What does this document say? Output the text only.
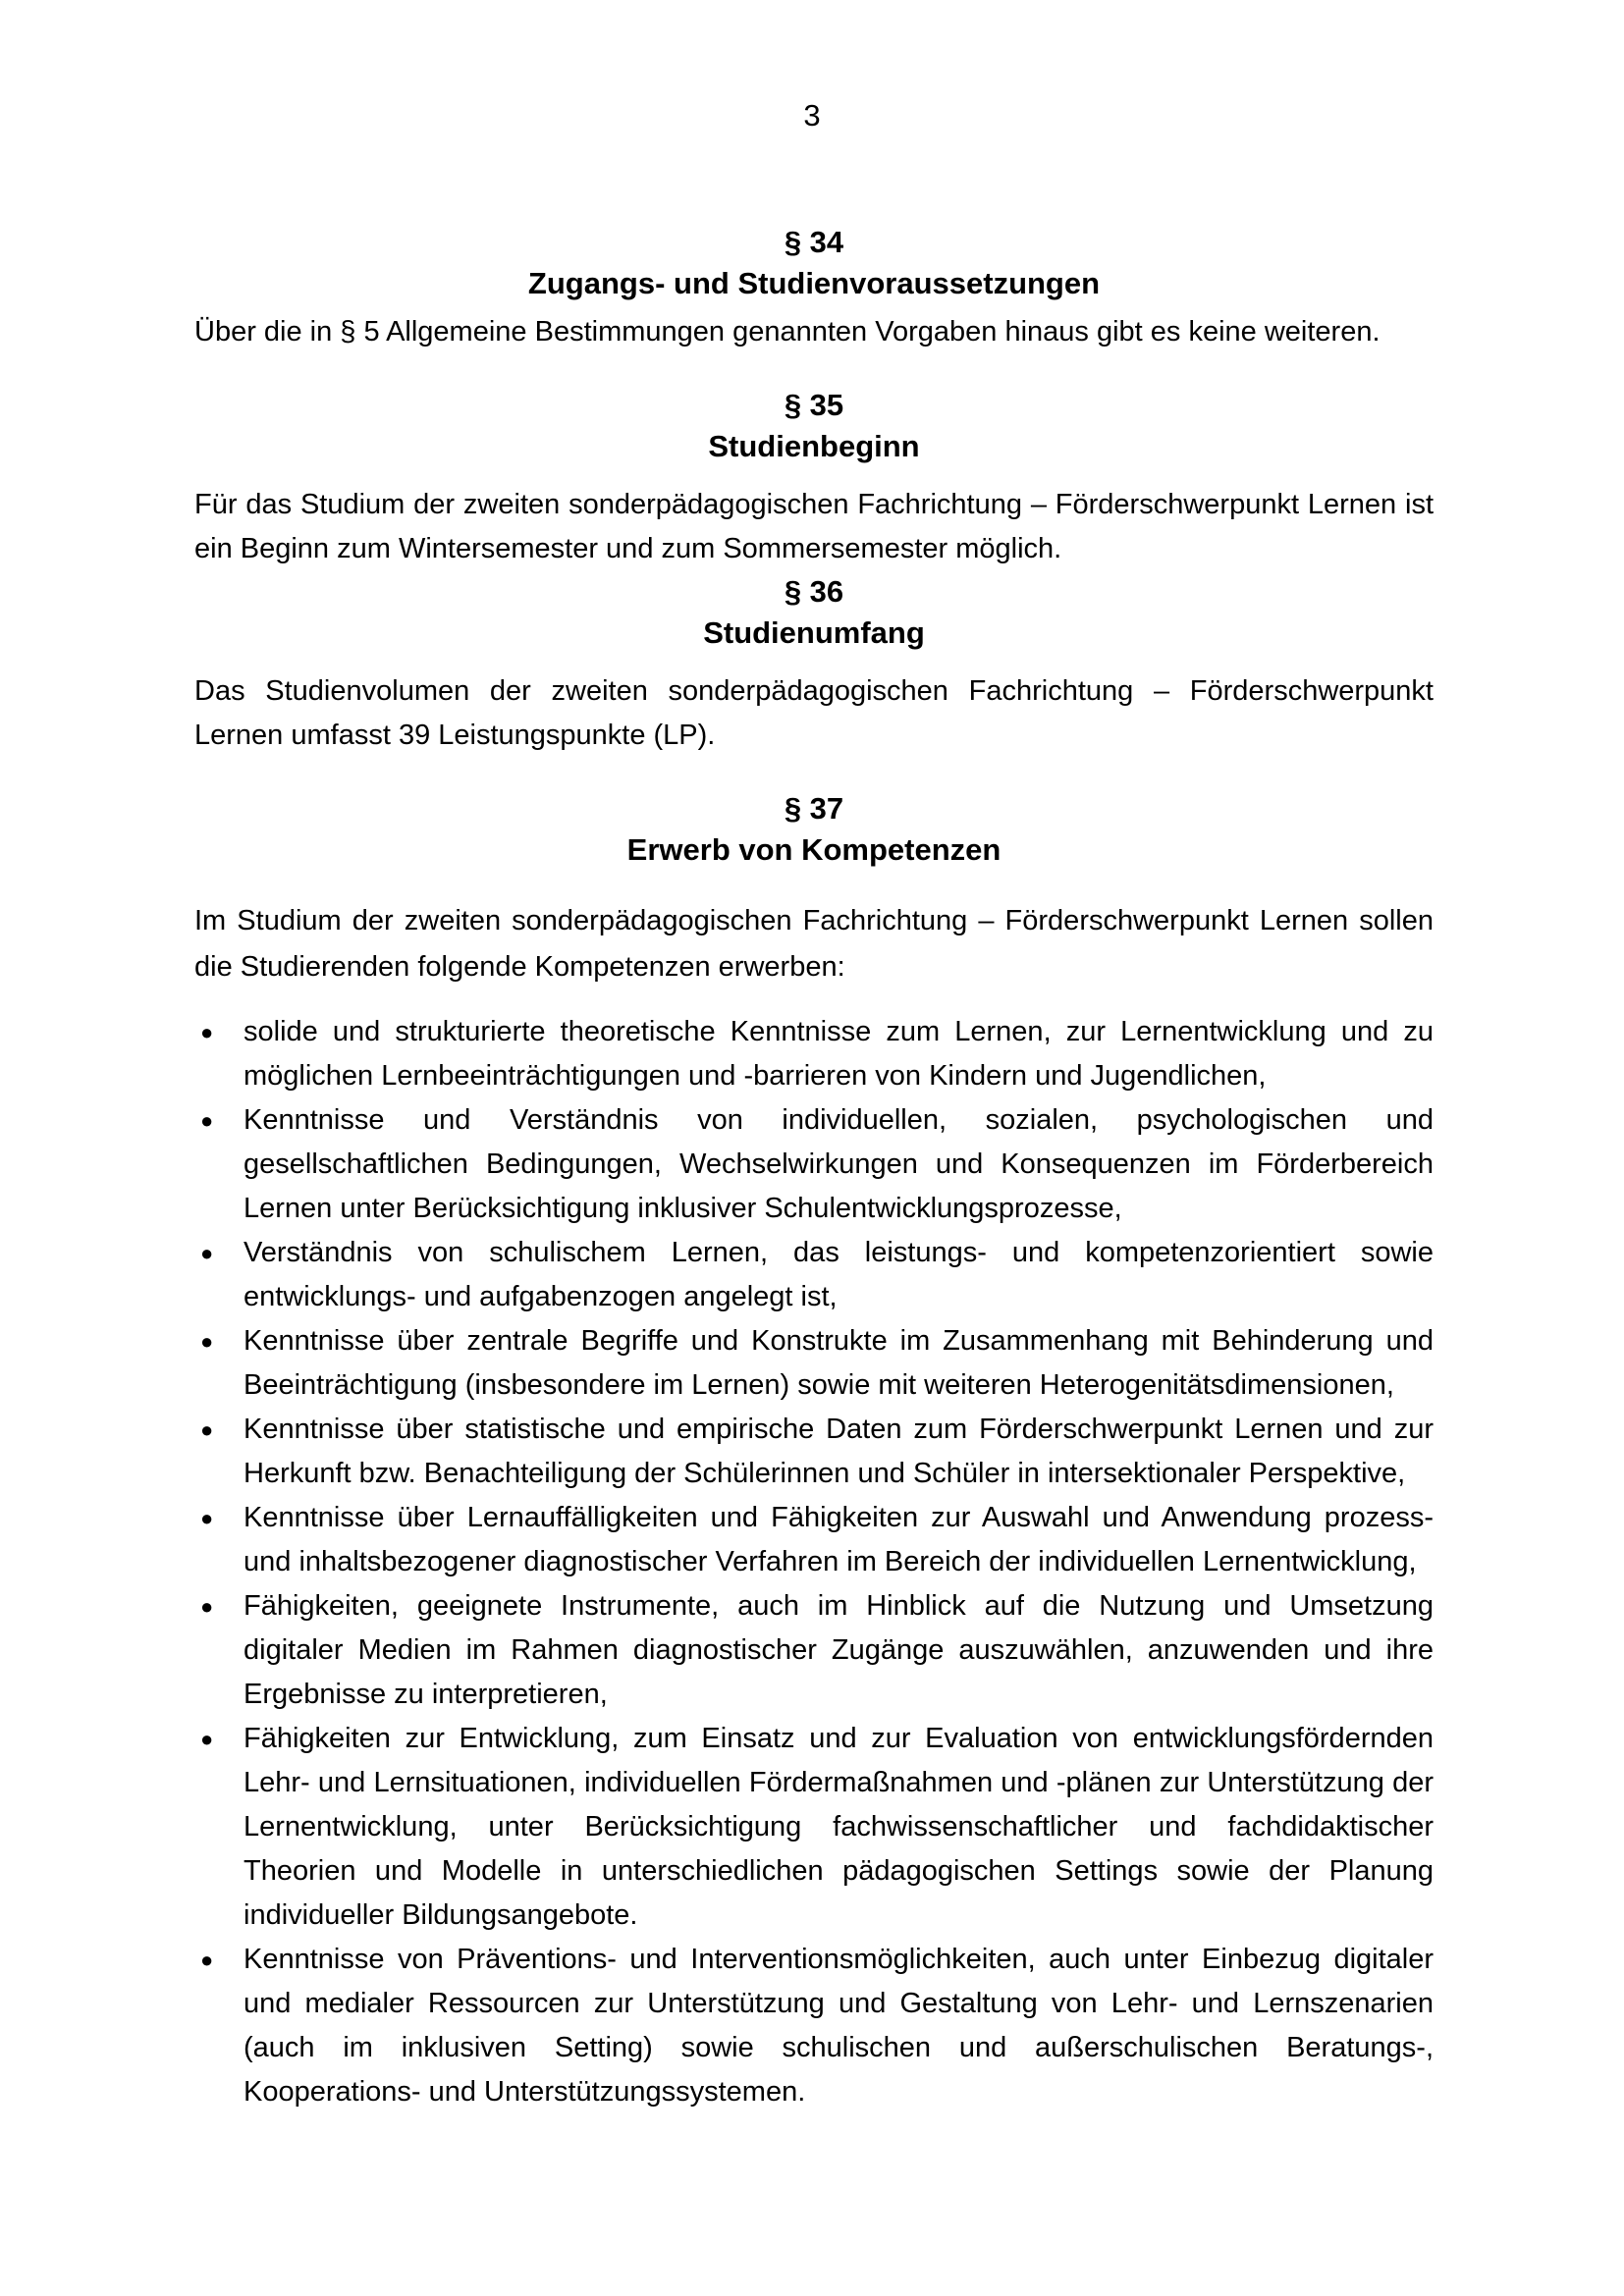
3
§ 34
Zugangs- und Studienvoraussetzungen
Über die in § 5 Allgemeine Bestimmungen genannten Vorgaben hinaus gibt es keine weiteren.
§ 35
Studienbeginn
Für das Studium der zweiten sonderpädagogischen Fachrichtung – Förderschwerpunkt Lernen ist ein Beginn zum Wintersemester und zum Sommersemester möglich.
§ 36
Studienumfang
Das Studienvolumen der zweiten sonderpädagogischen Fachrichtung – Förderschwerpunkt Lernen umfasst 39 Leistungspunkte (LP).
§ 37
Erwerb von Kompetenzen
Im Studium der zweiten sonderpädagogischen Fachrichtung – Förderschwerpunkt Lernen sollen die Studierenden folgende Kompetenzen erwerben:
● solide und strukturierte theoretische Kenntnisse zum Lernen, zur Lernentwicklung und zu möglichen Lernbeeinträchtigungen und -barrieren von Kindern und Jugendlichen,
● Kenntnisse und Verständnis von individuellen, sozialen, psychologischen und gesellschaftlichen Bedingungen, Wechselwirkungen und Konsequenzen im Förderbereich Lernen unter Berücksichtigung inklusiver Schulentwicklungsprozesse,
● Verständnis von schulischem Lernen, das leistungs- und kompetenzorientiert sowie entwicklungs- und aufgabenzogen angelegt ist,
● Kenntnisse über zentrale Begriffe und Konstrukte im Zusammenhang mit Behinderung und Beeinträchtigung (insbesondere im Lernen) sowie mit weiteren Heterogenitätsdimensionen,
● Kenntnisse über statistische und empirische Daten zum Förderschwerpunkt Lernen und zur Herkunft bzw. Benachteiligung der Schülerinnen und Schüler in intersektionaler Perspektive,
● Kenntnisse über Lernauffälligkeiten und Fähigkeiten zur Auswahl und Anwendung prozess- und inhaltsbezogener diagnostischer Verfahren im Bereich der individuellen Lernentwicklung,
● Fähigkeiten, geeignete Instrumente, auch im Hinblick auf die Nutzung und Umsetzung digitaler Medien im Rahmen diagnostischer Zugänge auszuwählen, anzuwenden und ihre Ergebnisse zu interpretieren,
● Fähigkeiten zur Entwicklung, zum Einsatz und zur Evaluation von entwicklungsfördernden Lehr- und Lernsituationen, individuellen Fördermaßnahmen und -plänen zur Unterstützung der Lernentwicklung, unter Berücksichtigung fachwissenschaftlicher und fachdidaktischer Theorien und Modelle in unterschiedlichen pädagogischen Settings sowie der Planung individueller Bildungsangebote.
● Kenntnisse von Präventions- und Interventionsmöglichkeiten, auch unter Einbezug digitaler und medialer Ressourcen zur Unterstützung und Gestaltung von Lehr- und Lernszenarien (auch im inklusiven Setting) sowie schulischen und außerschulischen Beratungs-, Kooperations- und Unterstützungssystemen.
